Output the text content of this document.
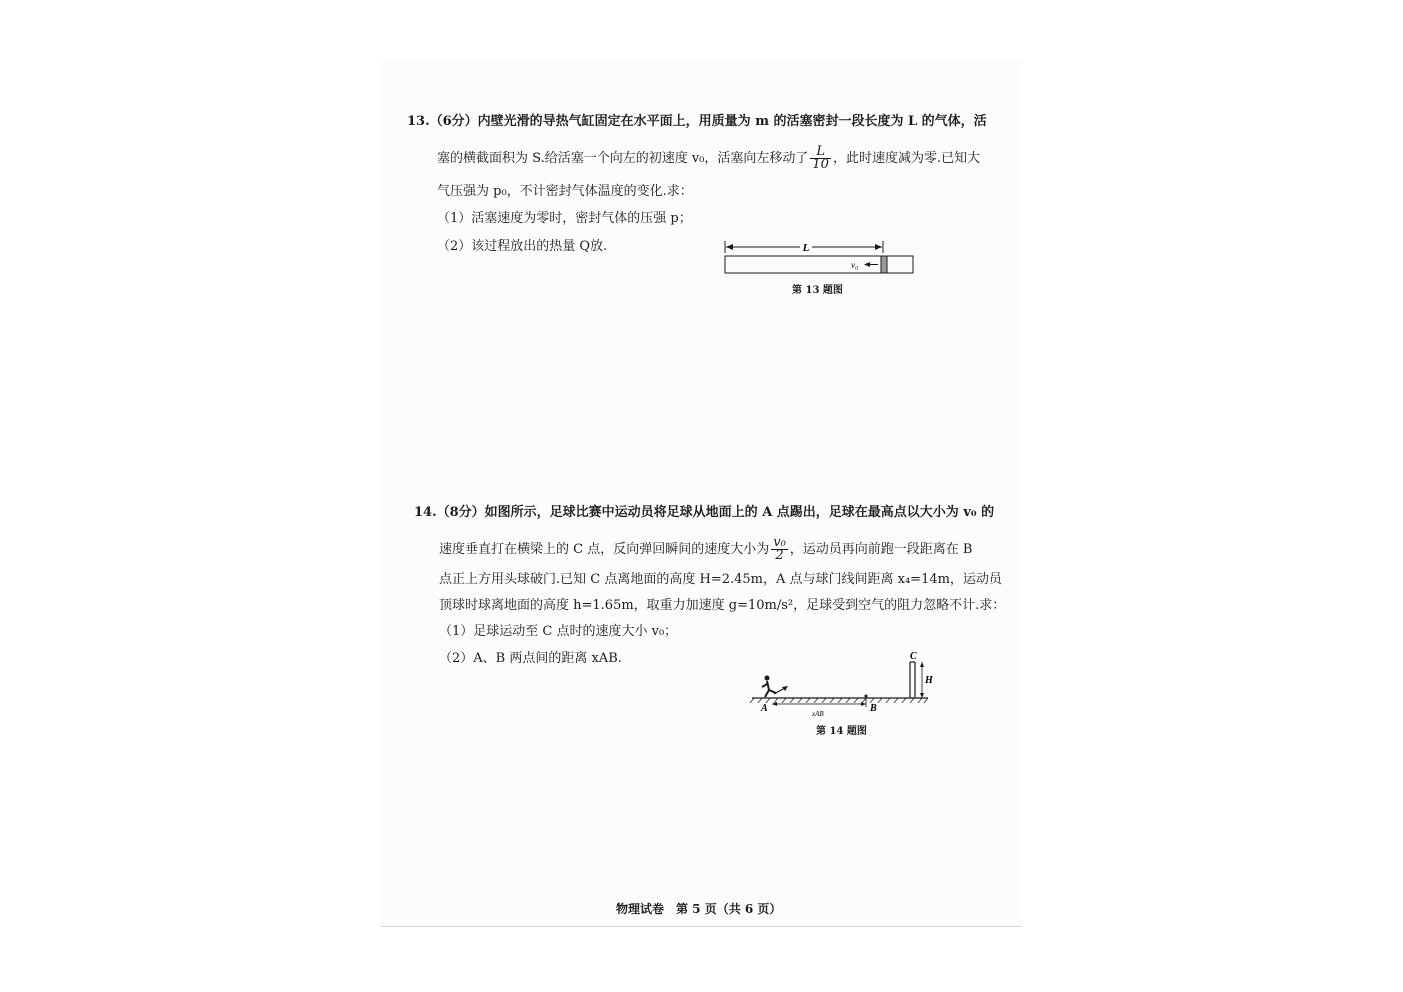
13.（6分）内壁光滑的导热气缸固定在水平面上，用质量为 m 的活塞密封一段长度为 L 的气体，活
塞的横截面积为 S.给活塞一个向左的初速度 v₀，活塞向左移动了 $\frac{L}{10}$ ，此时速度减为零.已知大
气压强为 p₀，不计密封气体温度的变化.求：
（1）活塞速度为零时，密封气体的压强 p；
（2）该过程放出的热量 Q放.	L
v₀
第 13 题图
14.（8分）如图所示，足球比赛中运动员将足球从地面上的 A 点踢出，足球在最高点以大小为 v₀ 的
速度垂直打在横梁上的 C 点，反向弹回瞬间的速度大小为 $\frac{\text{v₀}}{2}$ ，运动员再向前跑一段距离在 B
点正上方用头球破门.已知 C 点离地面的高度 H=2.45m，A 点与球门线间距离 x₄=14m，运动员
顶球时球离地面的高度 h=1.65m，取重力加速度 g=10m/s²，足球受到空气的阻力忽略不计.求：
（1）足球运动至 C 点时的速度大小 v₀；
（2）A、B 两点间的距离 xAB.
A	B
C
H
xAB
第 14 题图
物理试卷　第 5 页（共 6 页）
